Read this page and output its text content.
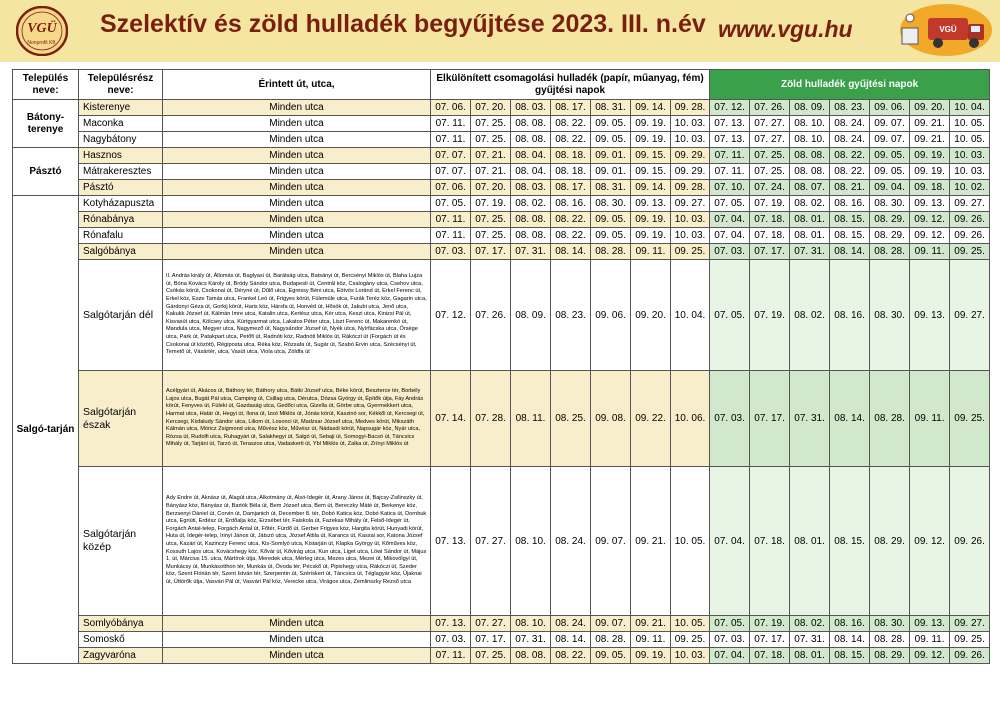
VGÜ
Nonprofit Kft.
Szelektív és zöld hulladék begyűjtése 2023. III. n.év www.vgu.hu	VGÜ
Település neve:	Településrész neve:	Érintett út, utca,	Elkülönített csomagolási hulladék (papír, műanyag, fém) gyűjtési napok							Zöld hulladék gyűjtési napok						
Bátony-terenye	Kisterenye	Minden utca	07. 06.	07. 20.	08. 03.	08. 17.	08. 31.	09. 14.	09. 28.	07. 12.	07. 26.	08. 09.	08. 23.	09. 06.	09. 20.	10. 04.
	Maconka	Minden utca	07. 11.	07. 25.	08. 08.	08. 22.	09. 05.	09. 19.	10. 03.	07. 13.	07. 27.	08. 10.	08. 24.	09. 07.	09. 21.	10. 05.
	Nagybátony	Minden utca	07. 11.	07. 25.	08. 08.	08. 22.	09. 05.	09. 19.	10. 03.	07. 13.	07. 27.	08. 10.	08. 24.	09. 07.	09. 21.	10. 05.
Pásztó	Hasznos	Minden utca	07. 07.	07. 21.	08. 04.	08. 18.	09. 01.	09. 15.	09. 29.	07. 11.	07. 25.	08. 08.	08. 22.	09. 05.	09. 19.	10. 03.
	Mátrakeresztes	Minden utca	07. 07.	07. 21.	08. 04.	08. 18.	09. 01.	09. 15.	09. 29.	07. 11.	07. 25.	08. 08.	08. 22.	09. 05.	09. 19.	10. 03.
	Pásztó	Minden utca	07. 06.	07. 20.	08. 03.	08. 17.	08. 31.	09. 14.	09. 28.	07. 10.	07. 24.	08. 07.	08. 21.	09. 04.	09. 18.	10. 02.
Salgó-tarján	Kotyházapuszta	Minden utca	07. 05.	07. 19.	08. 02.	08. 16.	08. 30.	09. 13.	09. 27.	07. 05.	07. 19.	08. 02.	08. 16.	08. 30.	09. 13.	09. 27.
	Rónabánya	Minden utca	07. 11.	07. 25.	08. 08.	08. 22.	09. 05.	09. 19.	10. 03.	07. 04.	07. 18.	08. 01.	08. 15.	08. 29.	09. 12.	09. 26.
	Rónafalu	Minden utca	07. 11.	07. 25.	08. 08.	08. 22.	09. 05.	09. 19.	10. 03.	07. 04.	07. 18.	08. 01.	08. 15.	08. 29.	09. 12.	09. 26.
	Salgóbánya	Minden utca	07. 03.	07. 17.	07. 31.	08. 14.	08. 28.	09. 11.	09. 25.	07. 03.	07. 17.	07. 31.	08. 14.	08. 28.	09. 11.	09. 25.
	Salgótarján dél	II. András király út, Állomás út, Baglyasi út, Barátság utca, Batsányi út, Bercsényi Miklós út, Blaha Lujza út, Bóna Kovács Károly út, Bródy Sándor utca, Budapesti út, Centrál köz, Csalogány utca, Csehov utca, Csókás körút, Csokonai út, Déryné út, Dűlő utca, Egressy Béni utca, Eötvös Loránd út, Erkel Ferenc út, Erkel köz, Esze Tamás utca, Frankel Leó út, Frigyes körút, Fülemüle utca, Furák Teréz köz, Gagarin utca, Gárdonyi Géza út, Gorkij körút, Haris köz, Hársfa út, Honvéd út, Hősök út, Jakubi utca, Jenő utca, Kakukk József út, Kálmán Imre utca, Katalin utca, Kertész utca, Kér utca, Keszi utca, Kinizsi Pál út, Kisvasút utca, Kölcsey utca, Kürtgyarmat utca, Lakatos Péter utca, Liszt Ferenc út, Makarenkó út, Mandula utca, Megyer utca, Nagymező út, Nagysándor József út, Nyék utca, Nyírfácska utca, Őrsége utca, Park út, Patakpart utca, Petőfi út, Radnóti köz, Radnóti Miklós út, Rákóczi út (Forgách út és Csokonai út között), Régiposta utca, Réka köz, Rózsafa út, Sugár út, Szabó Ervin utca, Szécsényi út, Temető út, Vásártér, utca, Vasút utca, Viola utca, Zöldfa út	07. 12.	07. 26.	08. 09.	08. 23.	09. 06.	09. 20.	10. 04.	07. 05.	07. 19.	08. 02.	08. 16.	08. 30.	09. 13.	09. 27.
	Salgótarján észak	Acélgyári út, Akácos út, Báthory tér, Báthory utca, Bátki József utca, Béke körút, Beszterce tér, Borbély Lajos utca, Bugát Pál utca, Camping út, Csillag utca, Dérutca, Dózsa György út, Építők útja, Fáy András körút, Fenyves út, Füleki út, Gazdaság utca, Gedőci utca, Gizella út, Görbe utca, Gyermekkert utca, Harmat utca, Határ út, Hegyi út, Ilona út, Izsó Miklós út, Jónás körút, Kaszinó sor, Kékkői út, Kercsegi út, Kercsegi, Kisfaludy Sándor utca, Liliom út, Losonci út, Madzsar József utca, Medves körút, Mikszáth Kálmán utca, Móricz Zsigmond utca, Művész köz, Művész út, Nádasdi körút, Napsugár köz, Nyár utca, Rózsa út, Rudolfi utca, Ruhagyári út, Salakhegyi út, Salgó út, Sebaji út, Somogyi-Bacsó út, Táncsics Mihály út, Tarjáni út, Tarzó út, Teraszos utca, Vadaskerti út, Ybl Miklós út, Zalka út, Zrínyi Miklós út	07. 14.	07. 28.	08. 11.	08. 25.	09. 08.	09. 22.	10. 06.	07. 03.	07. 17.	07. 31.	08. 14.	08. 28.	09. 11.	09. 25.
	Salgótarján közép	Ady Endre út, Aknász út, Alagút utca, Alkotmány út, Alsó-Idegér út, Arany János út, Bajcsy-Zsilinszky út, Bányász köz, Bányász út, Bartók Béla út, Bem József utca, Bem út, Bereczky Máté út, Berkenye köz, Berzsenyi Dániel út, Corvin út, Damjanich út, December 8. tér, Dobó Katica köz, Dobó Katica út, Dornbuk utca, Egriúti, Erdész út, Erdőalja köz, Erzsébet tér, Faiskola út, Fazekas Mihály út, Felső-Idegér út, Forgách Antal-telep, Forgách Antal út, Főtér, Fürdő út, Gerber Frigyes köz, Hargita körút, Hunyadi körút, Huta út, Idegér-telep, Irinyi János út, Játszó utca, József Attila út, Karancs út, Kassai sor, Katona József utca, Kazári út, Kazinczy Ferenc utca, Kis-Somlyó utca, Kistarján út, Klapka György út, Kőműves köz, Kossuth Lajos utca, Kovácshegy köz, Kővár út, Kővirág utca, Kun utca, Liget utca, Löwi Sándor út, Május 1. út, Március 15. utca, Mártírok útja, Meredek utca, Mérleg utca, Mezes utca, Mezei út, Mikovölgyi út, Munkácsy út, Munkásotthon tér, Munkás út, Óvoda tér, Pécskő út, Pipishegy utca, Rákóczi út, Szeder köz, Szent Flórián tér, Szent István tér, Szerpentin út, Szériskert út, Táncsics út, Téglagyár köz, Újaknai út, Úttörők útja, Vasvári Pál út, Vasvári Pál köz, Verecke utca, Virágos utca, Zemlinszky Rezső utca	07. 13.	07. 27.	08. 10.	08. 24.	09. 07.	09. 21.	10. 05.	07. 04.	07. 18.	08. 01.	08. 15.	08. 29.	09. 12.	09. 26.
	Somlyóbánya	Minden utca	07. 13.	07. 27.	08. 10.	08. 24.	09. 07.	09. 21.	10. 05.	07. 05.	07. 19.	08. 02.	08. 16.	08. 30.	09. 13.	09. 27.
	Somoskő	Minden utca	07. 03.	07. 17.	07. 31.	08. 14.	08. 28.	09. 11.	09. 25.	07. 03.	07. 17.	07. 31.	08. 14.	08. 28.	09. 11.	09. 25.
	Zagyvaróna	Minden utca	07. 11.	07. 25.	08. 08.	08. 22.	09. 05.	09. 19.	10. 03.	07. 04.	07. 18.	08. 01.	08. 15.	08. 29.	09. 12.	09. 26.
